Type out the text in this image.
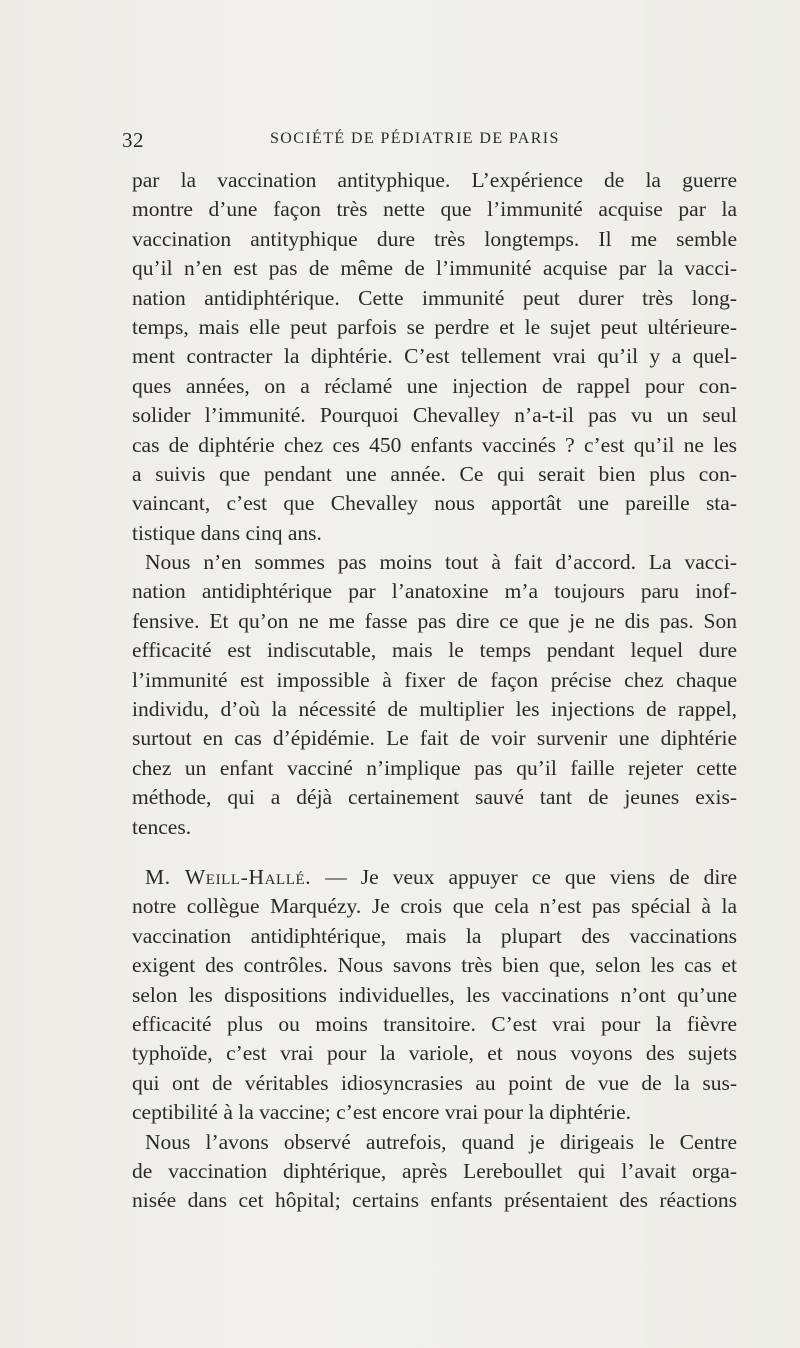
32	SOCIÉTÉ DE PÉDIATRIE DE PARIS
par la vaccination antityphique. L’expérience de la guerre
montre d’une façon très nette que l’immunité acquise par la
vaccination antityphique dure très longtemps. Il me semble
qu’il n’en est pas de même de l’immunité acquise par la vacci-
nation antidiphtérique. Cette immunité peut durer très long-
temps, mais elle peut parfois se perdre et le sujet peut ultérieure-
ment contracter la diphtérie. C’est tellement vrai qu’il y a quel-
ques années, on a réclamé une injection de rappel pour con-
solider l’immunité. Pourquoi Chevalley n’a-t-il pas vu un seul
cas de diphtérie chez ces 450 enfants vaccinés ? c’est qu’il ne les
a suivis que pendant une année. Ce qui serait bien plus con-
vaincant, c’est que Chevalley nous apportât une pareille sta-
tistique dans cinq ans.
Nous n’en sommes pas moins tout à fait d’accord. La vacci-
nation antidiphtérique par l’anatoxine m’a toujours paru inof-
fensive. Et qu’on ne me fasse pas dire ce que je ne dis pas. Son
efficacité est indiscutable, mais le temps pendant lequel dure
l’immunité est impossible à fixer de façon précise chez chaque
individu, d’où la nécessité de multiplier les injections de rappel,
surtout en cas d’épidémie. Le fait de voir survenir une diphtérie
chez un enfant vacciné n’implique pas qu’il faille rejeter cette
méthode, qui a déjà certainement sauvé tant de jeunes exis-
tences.
M. Weill-Hallé. — Je veux appuyer ce que viens de dire
notre collègue Marquézy. Je crois que cela n’est pas spécial à la
vaccination antidiphtérique, mais la plupart des vaccinations
exigent des contrôles. Nous savons très bien que, selon les cas et
selon les dispositions individuelles, les vaccinations n’ont qu’une
efficacité plus ou moins transitoire. C’est vrai pour la fièvre
typhoïde, c’est vrai pour la variole, et nous voyons des sujets
qui ont de véritables idiosyncrasies au point de vue de la sus-
ceptibilité à la vaccine; c’est encore vrai pour la diphtérie.
Nous l’avons observé autrefois, quand je dirigeais le Centre
de vaccination diphtérique, après Lereboullet qui l’avait orga-
nisée dans cet hôpital; certains enfants présentaient des réactions
